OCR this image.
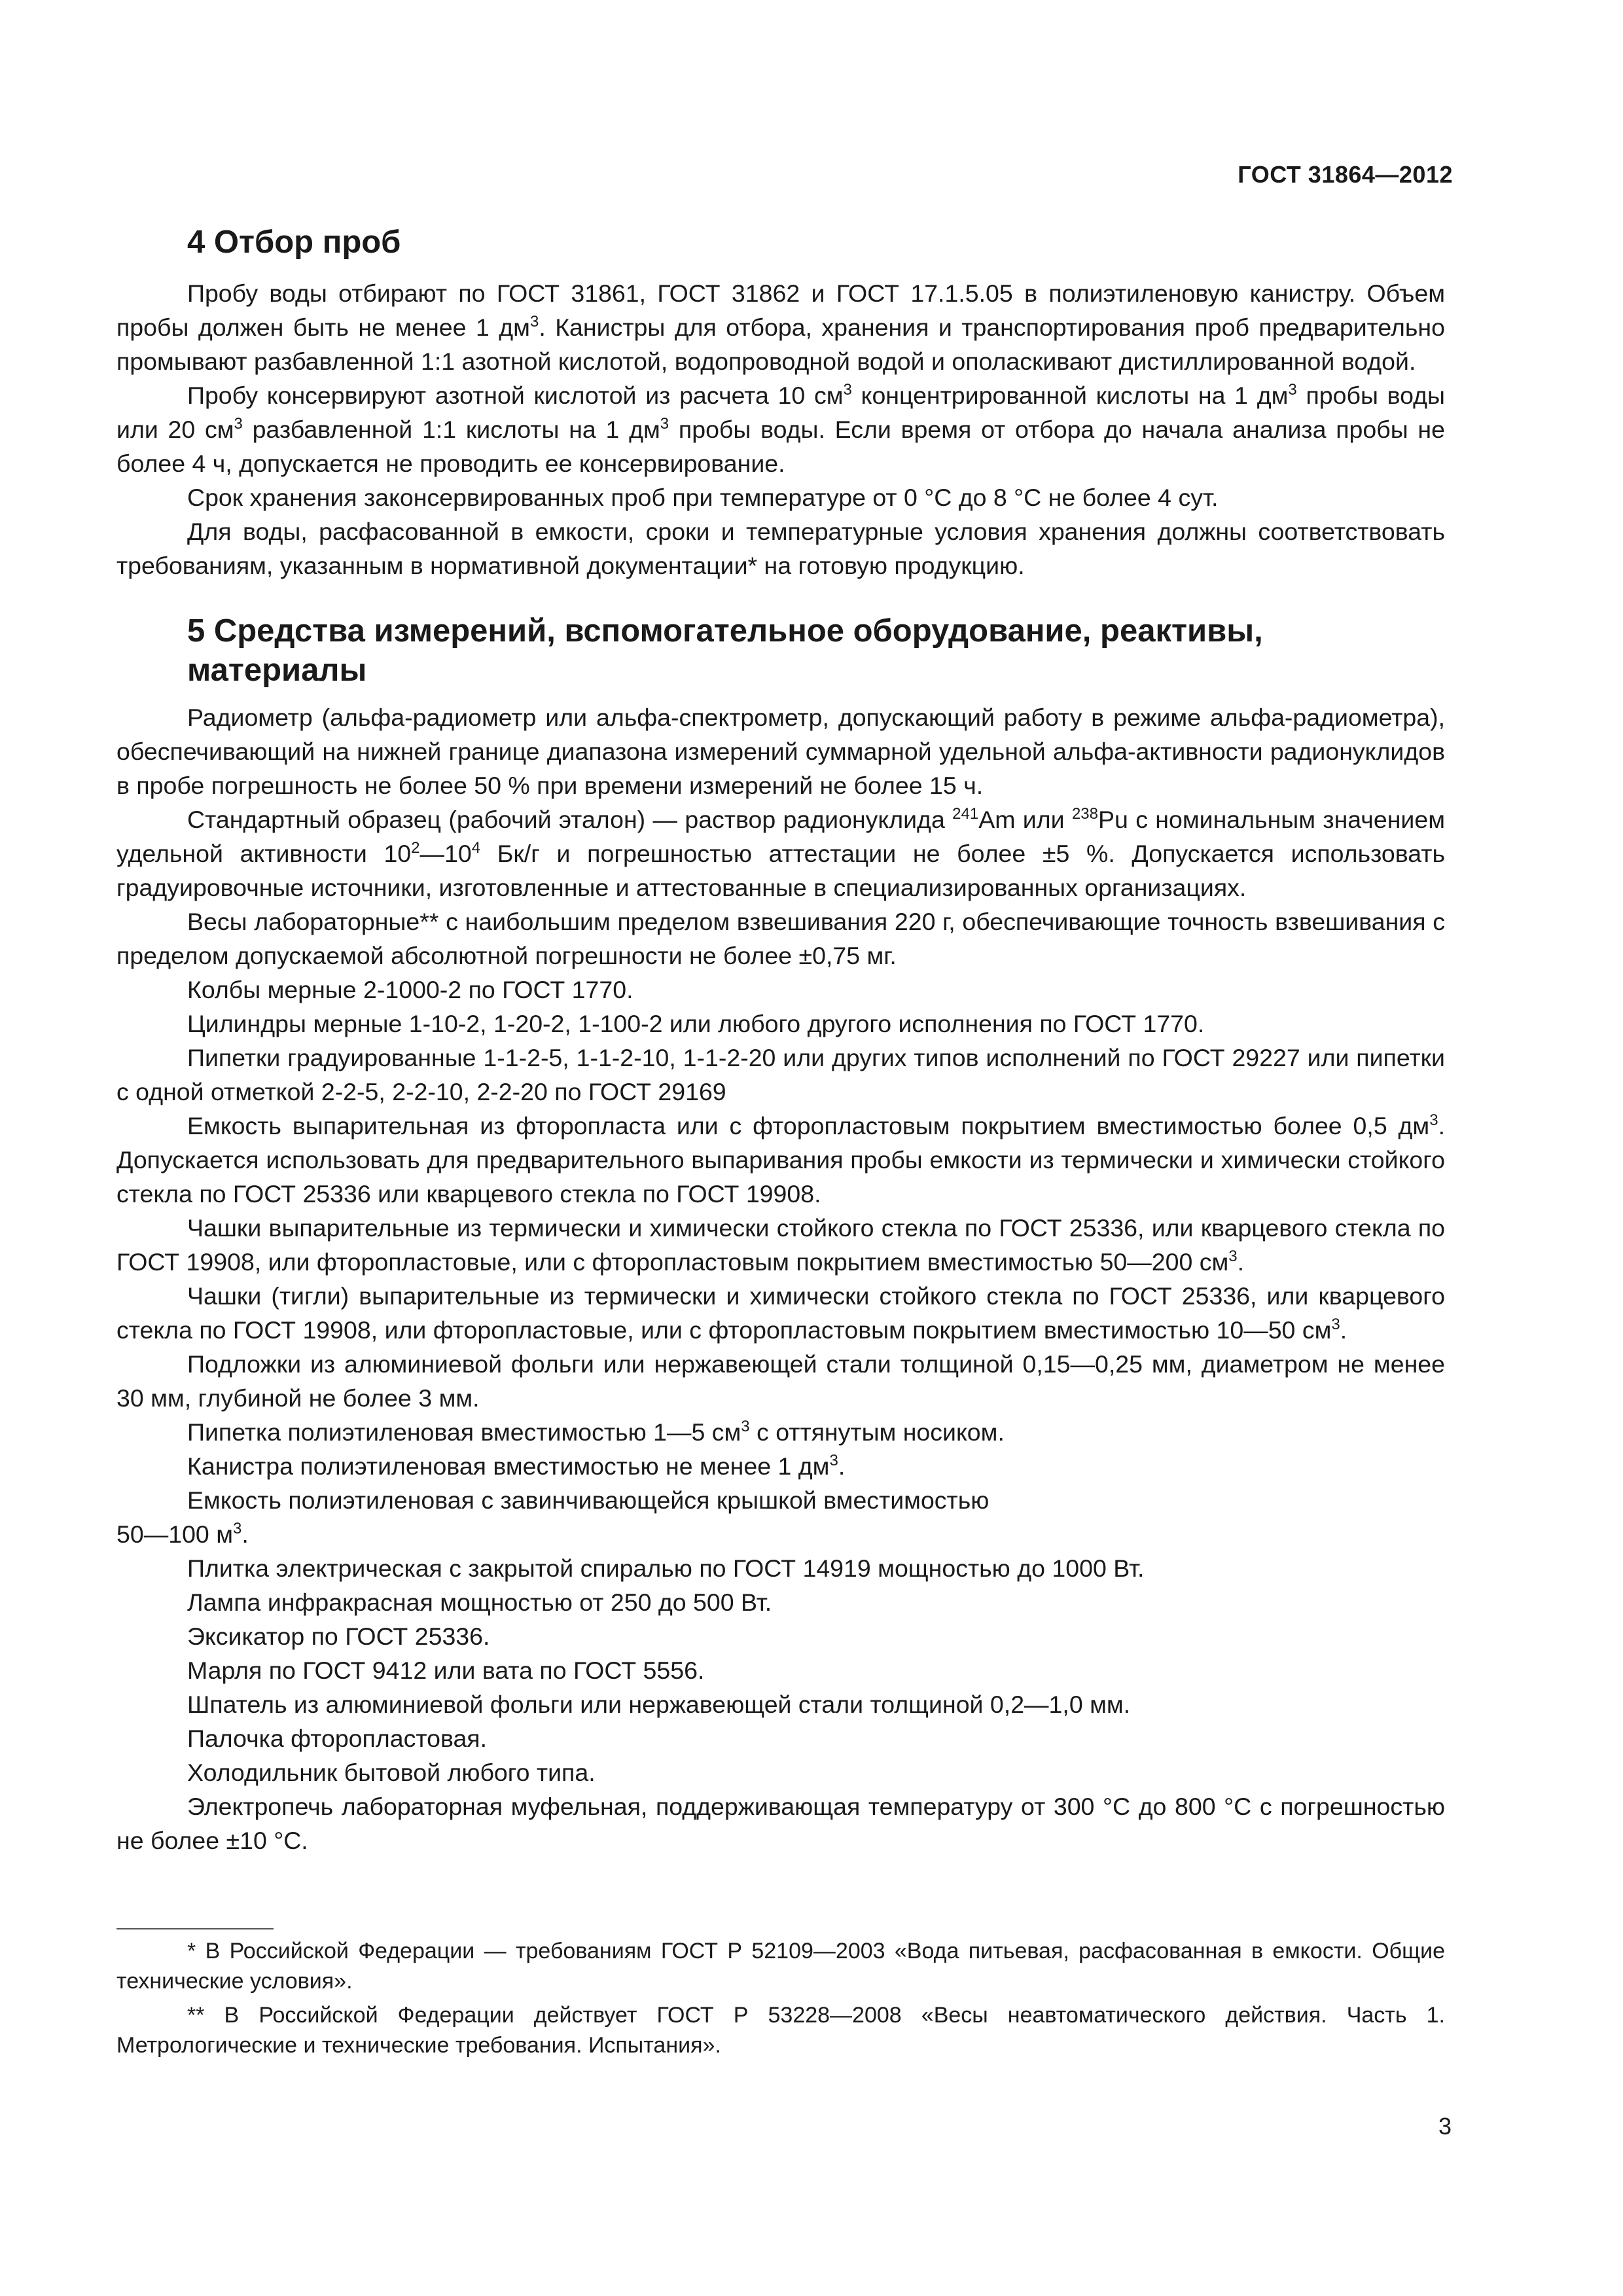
ГОСТ 31864—2012
4 Отбор проб

Пробу воды отбирают по ГОСТ 31861, ГОСТ 31862 и ГОСТ 17.1.5.05 в полиэтиленовую канистру. Объем пробы должен быть не менее 1 $дм^3$. Канистры для отбора, хранения и транспортирования проб предварительно промывают разбавленной 1:1 азотной кислотой, водопроводной водой и ополаскивают дистиллированной водой.

Пробу консервируют азотной кислотой из расчета 10 $см^3$ концентрированной кислоты на 1 $дм^3$ пробы воды или 20 $см^3$ разбавленной 1:1 кислоты на 1 $дм^3$ пробы воды. Если время от отбора до начала анализа пробы не более 4 ч, допускается не проводить ее консервирование.

Срок хранения законсервированных проб при температуре от 0 °С до 8 °С не более 4 сут.

Для воды, расфасованной в емкости, сроки и температурные условия хранения должны соответствовать требованиям, указанным в нормативной документации* на готовую продукцию.

5 Средства измерений, вспомогательное оборудование, реактивы,
материалы

Радиометр (альфа-радиометр или альфа-спектрометр, допускающий работу в режиме альфа-радиометра), обеспечивающий на нижней границе диапазона измерений суммарной удельной альфа-активности радионуклидов в пробе погрешность не более 50 % при времени измерений не более 15 ч.

Стандартный образец (рабочий эталон) — раствор радионуклида $^{241}$Am или $^{238}$Pu с номинальным значением удельной активности $10^2—10^4$ Бк/г и погрешностью аттестации не более ±5 %. Допускается использовать градуировочные источники, изготовленные и аттестованные в специализированных организациях.

Весы лабораторные** с наибольшим пределом взвешивания 220 г, обеспечивающие точность взвешивания с пределом допускаемой абсолютной погрешности не более ±0,75 мг.

Колбы мерные 2-1000-2 по ГОСТ 1770.

Цилиндры мерные 1-10-2, 1-20-2, 1-100-2 или любого другого исполнения по ГОСТ 1770.

Пипетки градуированные 1-1-2-5, 1-1-2-10, 1-1-2-20 или других типов исполнений по ГОСТ 29227 или пипетки с одной отметкой 2-2-5, 2-2-10, 2-2-20 по ГОСТ 29169

Емкость выпарительная из фторопласта или с фторопластовым покрытием вместимостью более 0,5 $дм^3$. Допускается использовать для предварительного выпаривания пробы емкости из термически и химически стойкого стекла по ГОСТ 25336 или кварцевого стекла по ГОСТ 19908.

Чашки выпарительные из термически и химически стойкого стекла по ГОСТ 25336, или кварцевого стекла по ГОСТ 19908, или фторопластовые, или с фторопластовым покрытием вместимостью 50—200 $см^3$.

Чашки (тигли) выпарительные из термически и химически стойкого стекла по ГОСТ 25336, или кварцевого стекла по ГОСТ 19908, или фторопластовые, или с фторопластовым покрытием вместимостью 10—50 $см^3$.

Подложки из алюминиевой фольги или нержавеющей стали толщиной 0,15—0,25 мм, диаметром не менее 30 мм, глубиной не более 3 мм.

Пипетка полиэтиленовая вместимостью 1—5 $см^3$ с оттянутым носиком.

Канистра полиэтиленовая вместимостью не менее 1 $дм^3$.

Емкость полиэтиленовая с завинчивающейся крышкой вместимостью
50—100 $м^3$.

Плитка электрическая с закрытой спиралью по ГОСТ 14919 мощностью до 1000 Вт.

Лампа инфракрасная мощностью от 250 до 500 Вт.

Эксикатор по ГОСТ 25336.

Марля по ГОСТ 9412 или вата по ГОСТ 5556.

Шпатель из алюминиевой фольги или нержавеющей стали толщиной 0,2—1,0 мм.

Палочка фторопластовая.

Холодильник бытовой любого типа.

Электропечь лабораторная муфельная, поддерживающая температуру от 300 °С до 800 °С с погрешностью не более ±10 °С.

* В Российской Федерации — требованиям ГОСТ Р 52109—2003 «Вода питьевая, расфасованная в емкости. Общие технические условия».

** В Российской Федерации действует ГОСТ Р 53228—2008 «Весы неавтоматического действия. Часть 1. Метрологические и технические требования. Испытания».

3
